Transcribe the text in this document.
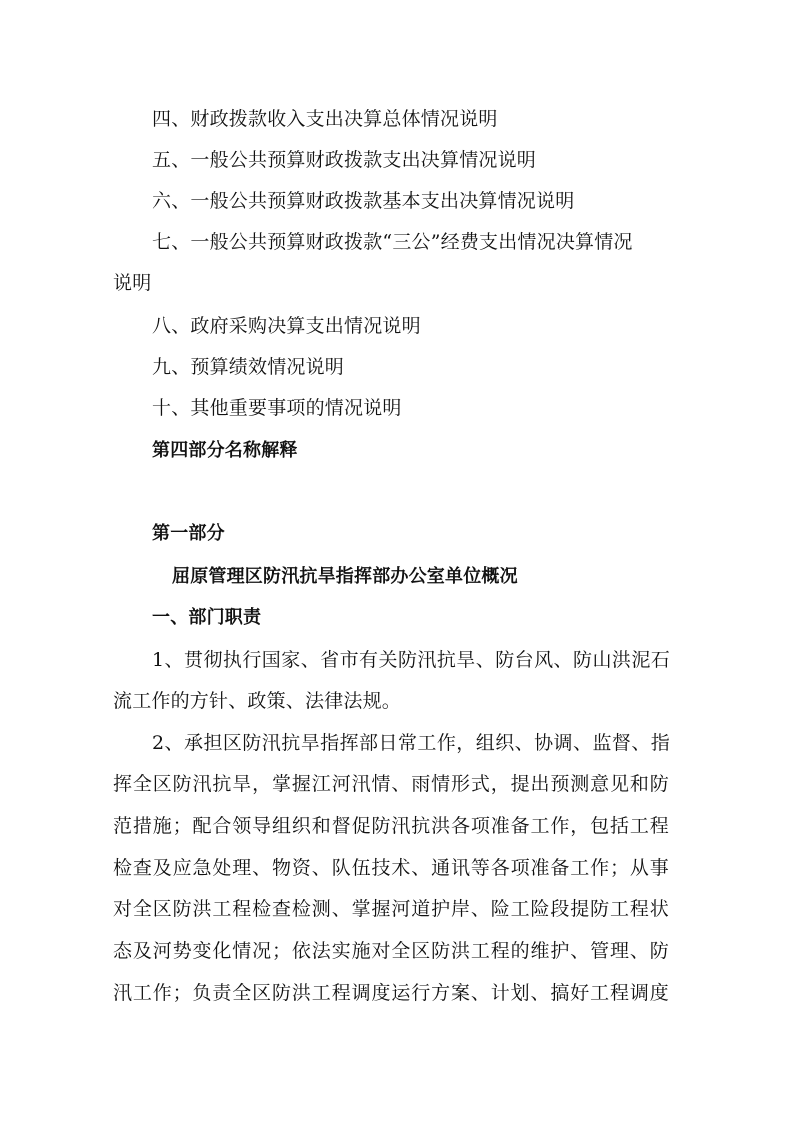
四、财政拨款收入支出决算总体情况说明
五、一般公共预算财政拨款支出决算情况说明
六、一般公共预算财政拨款基本支出决算情况说明
七、一般公共预算财政拨款“三公”经费支出情况决算情况
说明
八、政府采购决算支出情况说明
九、预算绩效情况说明
十、其他重要事项的情况说明
第四部分名称解释
第一部分
屈原管理区防汛抗旱指挥部办公室单位概况
一、部门职责
1、贯彻执行国家、省市有关防汛抗旱、防台风、防山洪泥石
流工作的方针、政策、法律法规。
2、承担区防汛抗旱指挥部日常工作，组织、协调、监督、指
挥全区防汛抗旱，掌握江河汛情、雨情形式，提出预测意见和防
范措施；配合领导组织和督促防汛抗洪各项准备工作，包括工程
检查及应急处理、物资、队伍技术、通讯等各项准备工作；从事
对全区防洪工程检查检测、掌握河道护岸、险工险段提防工程状
态及河势变化情况；依法实施对全区防洪工程的维护、管理、防
汛工作；负责全区防洪工程调度运行方案、计划、搞好工程调度
